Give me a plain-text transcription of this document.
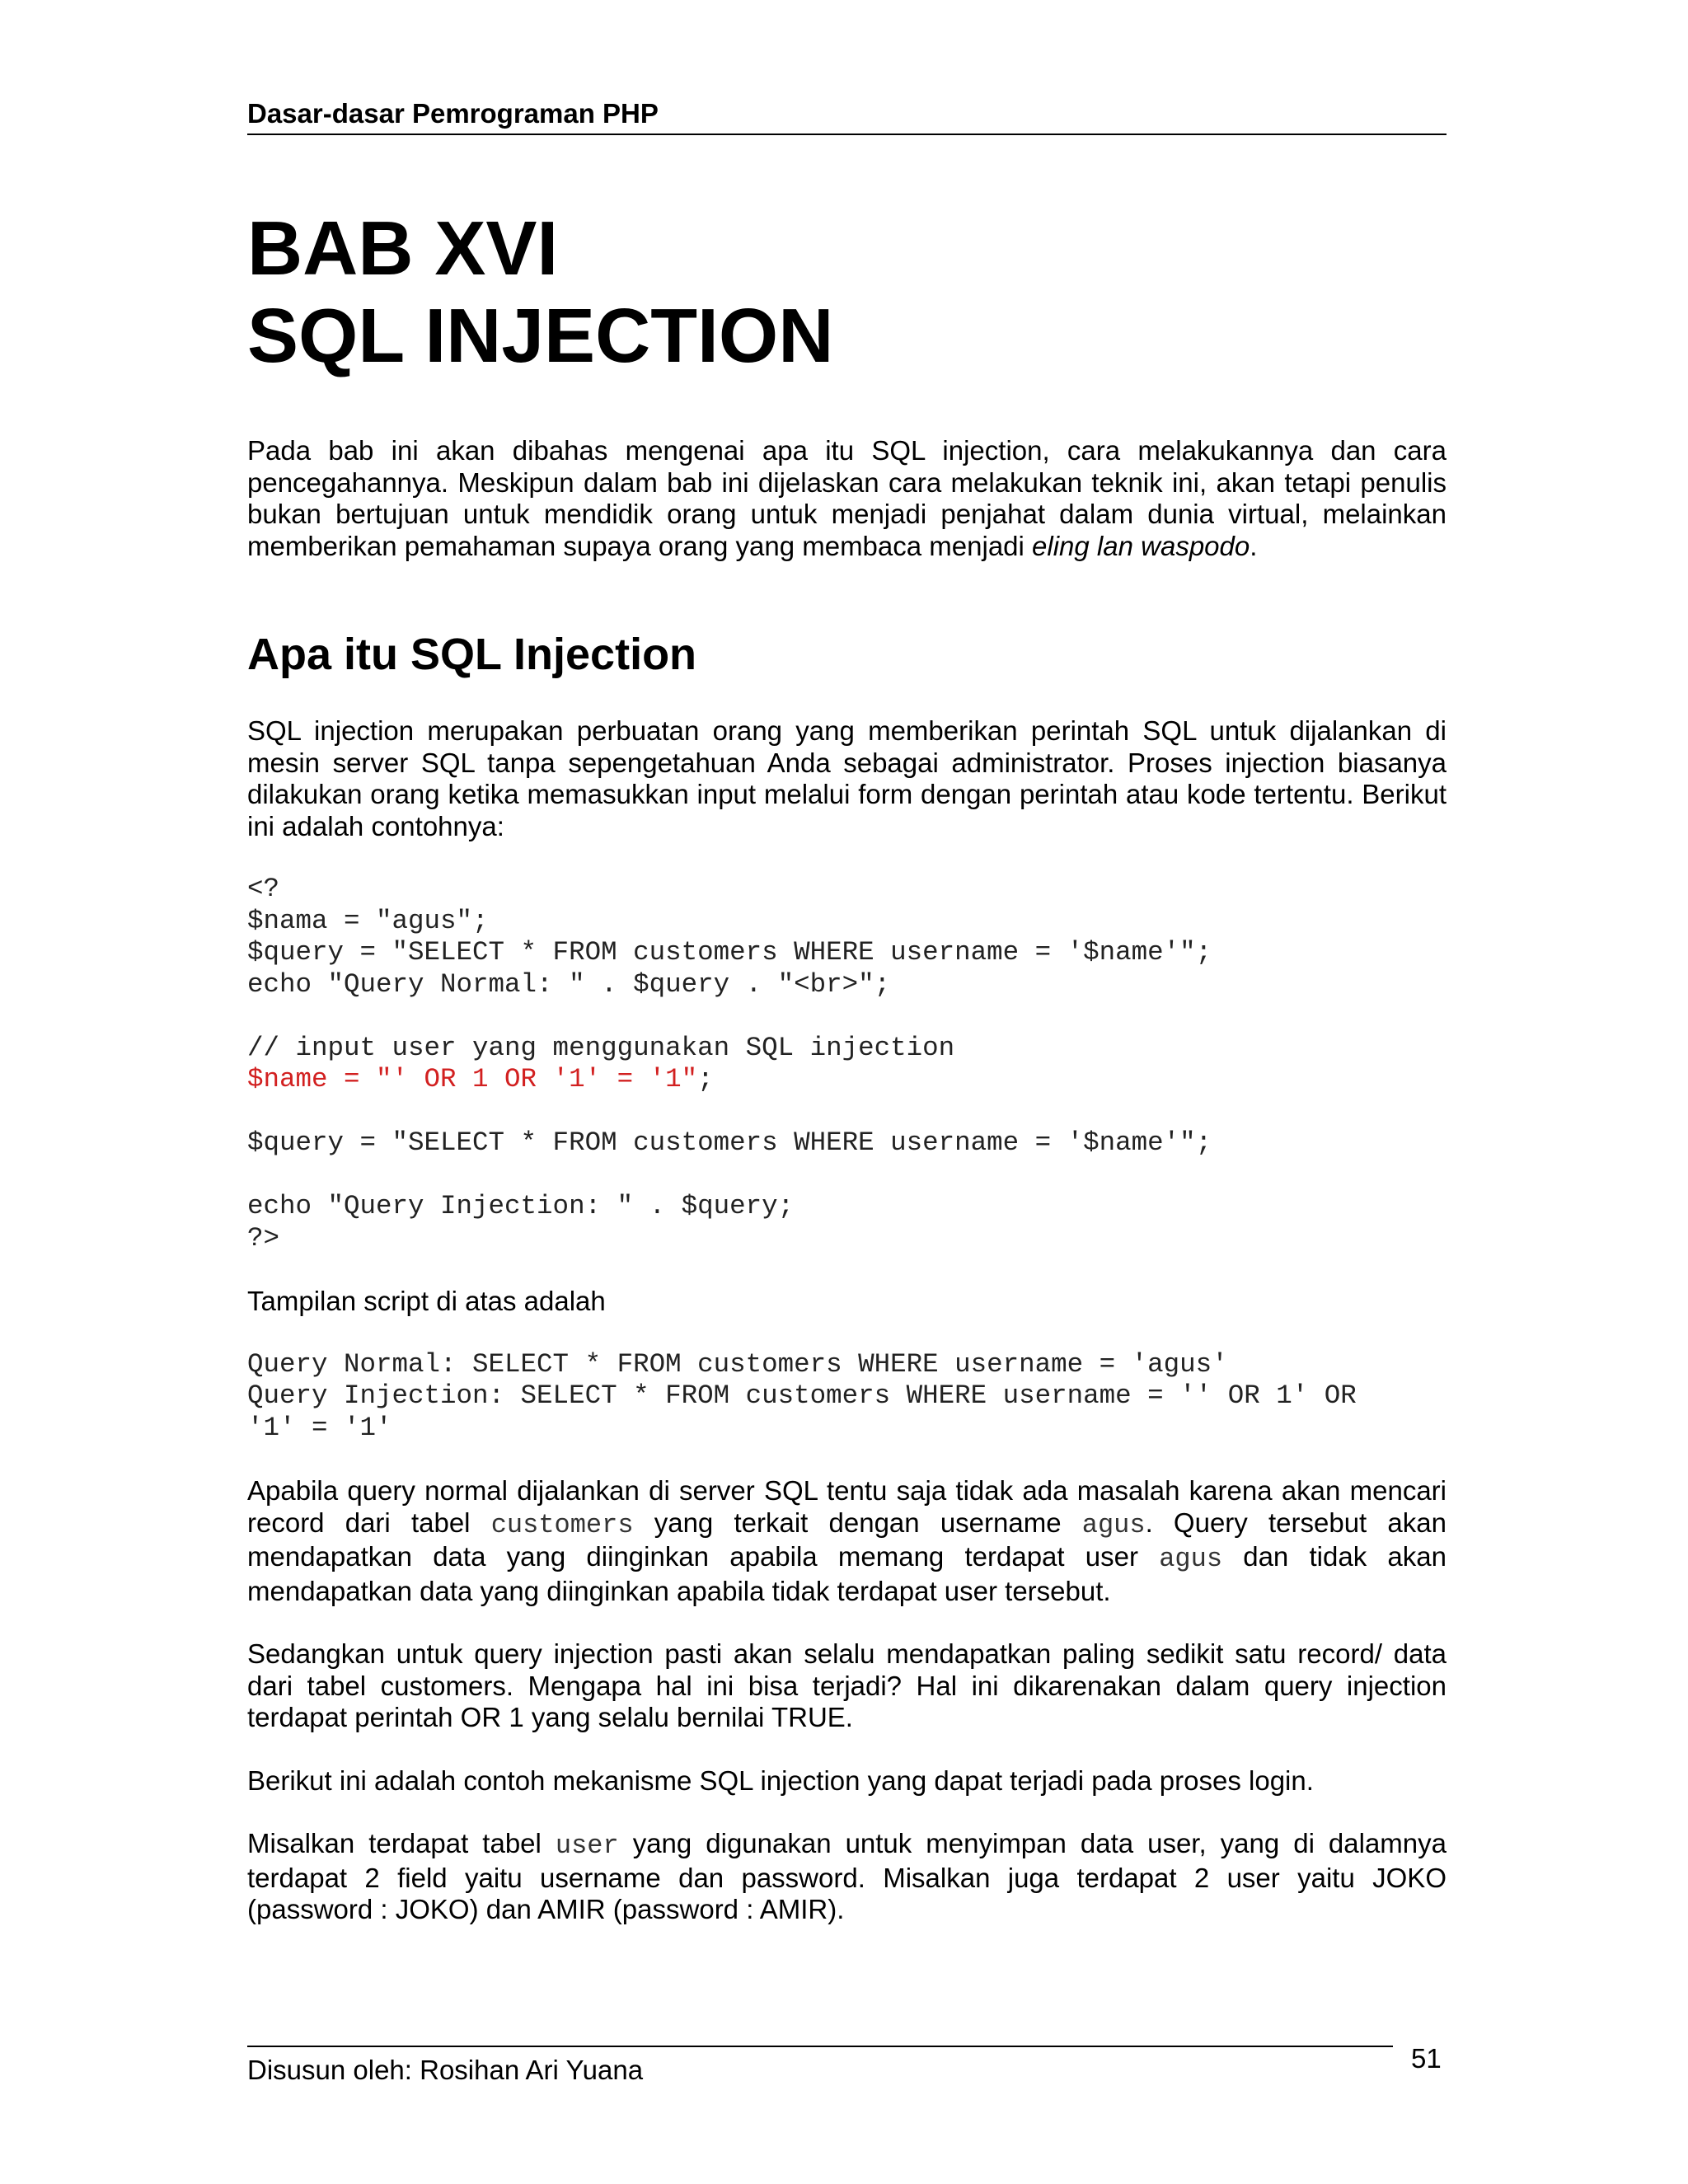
Dasar-dasar Pemrograman PHP
BAB XVI
SQL INJECTION

Pada bab ini akan dibahas mengenai apa itu SQL injection, cara melakukannya dan cara pencegahannya. Meskipun dalam bab ini dijelaskan cara melakukan teknik ini, akan tetapi penulis bukan bertujuan untuk mendidik orang untuk menjadi penjahat dalam dunia virtual, melainkan memberikan pemahaman supaya orang yang membaca menjadi eling lan waspodo.

Apa itu SQL Injection

SQL injection merupakan perbuatan orang yang memberikan perintah SQL untuk dijalankan di mesin server SQL tanpa sepengetahuan Anda sebagai administrator. Proses injection biasanya dilakukan orang ketika memasukkan input melalui form dengan perintah atau kode tertentu. Berikut ini adalah contohnya:

<?
$nama = "agus";
$query = "SELECT * FROM customers WHERE username = '$name'";
echo "Query Normal: " . $query . "<br>";

// input user yang menggunakan SQL injection
$name = "' OR 1 OR '1' = '1";

$query = "SELECT * FROM customers WHERE username = '$name'";

echo "Query Injection: " . $query;
?>

Tampilan script di atas adalah

Query Normal: SELECT * FROM customers WHERE username = 'agus'
Query Injection: SELECT * FROM customers WHERE username = '' OR 1' OR
'1' = '1'

Apabila query normal dijalankan di server SQL tentu saja tidak ada masalah karena akan mencari record dari tabel customers yang terkait dengan username agus. Query tersebut akan mendapatkan data yang diinginkan apabila memang terdapat user agus dan tidak akan mendapatkan data yang diinginkan apabila tidak terdapat user tersebut.

Sedangkan untuk query injection pasti akan selalu mendapatkan paling sedikit satu record/ data dari tabel customers. Mengapa hal ini bisa terjadi? Hal ini dikarenakan dalam query injection terdapat perintah OR 1 yang selalu bernilai TRUE.

Berikut ini adalah contoh mekanisme SQL injection yang dapat terjadi pada proses login.

Misalkan terdapat tabel user yang digunakan untuk menyimpan data user, yang di dalamnya terdapat 2 field yaitu username dan password. Misalkan juga terdapat 2 user yaitu JOKO (password : JOKO) dan AMIR (password : AMIR).

Disusun oleh: Rosihan Ari Yuana	51
